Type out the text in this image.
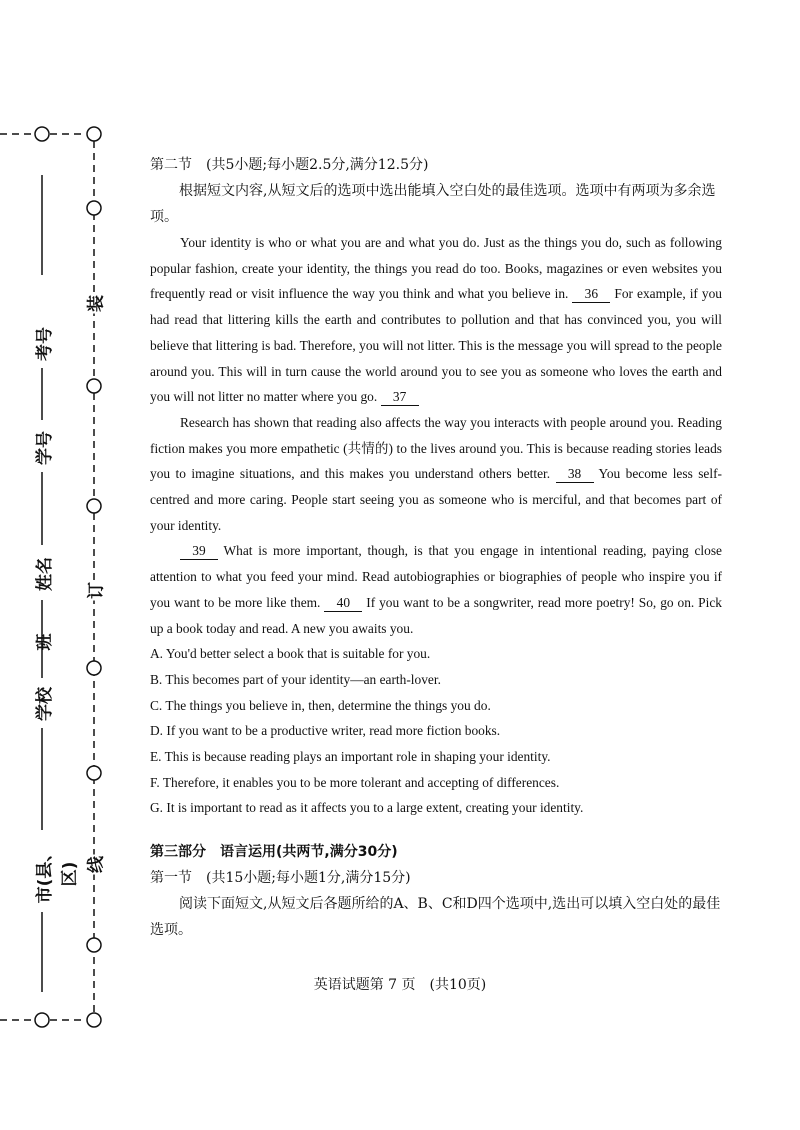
市(县、区)
学校
班
姓名
学号
考号
装
订
线

第二节　(共5小题;每小题2.5分,满分12.5分)

根据短文内容,从短文后的选项中选出能填入空白处的最佳选项。选项中有两项为多余选项。

Your identity is who or what you are and what you do. Just as the things you do, such as following popular fashion, create your identity, the things you read do too. Books, magazines or even websites you frequently read or visit influence the way you think and what you believe in. 36 For example, if you had read that littering kills the earth and contributes to pollution and that has convinced you, you will believe that littering is bad. Therefore, you will not litter. This is the message you will spread to the people around you. This will in turn cause the world around you to see you as someone who loves the earth and you will not litter no matter where you go. 37

Research has shown that reading also affects the way you interacts with people around you. Reading fiction makes you more empathetic (共情的) to the lives around you. This is because reading stories leads you to imagine situations, and this makes you understand others better. 38 You become less self-centred and more caring. People start seeing you as someone who is merciful, and that becomes part of your identity.

39 What is more important, though, is that you engage in intentional reading, paying close attention to what you feed your mind. Read autobiographies or biographies of people who inspire you if you want to be more like them. 40 If you want to be a songwriter, read more poetry! So, go on. Pick up a book today and read. A new you awaits you.

A. You'd better select a book that is suitable for you.

B. This becomes part of your identity—an earth-lover.

C. The things you believe in, then, determine the things you do.

D. If you want to be a productive writer, read more fiction books.

E. This is because reading plays an important role in shaping your identity.

F. Therefore, it enables you to be more tolerant and accepting of differences.

G. It is important to read as it affects you to a large extent, creating your identity.

第三部分　语言运用(共两节,满分30分)

第一节　(共15小题;每小题1分,满分15分)

阅读下面短文,从短文后各题所给的A、B、C和D四个选项中,选出可以填入空白处的最佳选项。

英语试题第 7 页　(共10页)
